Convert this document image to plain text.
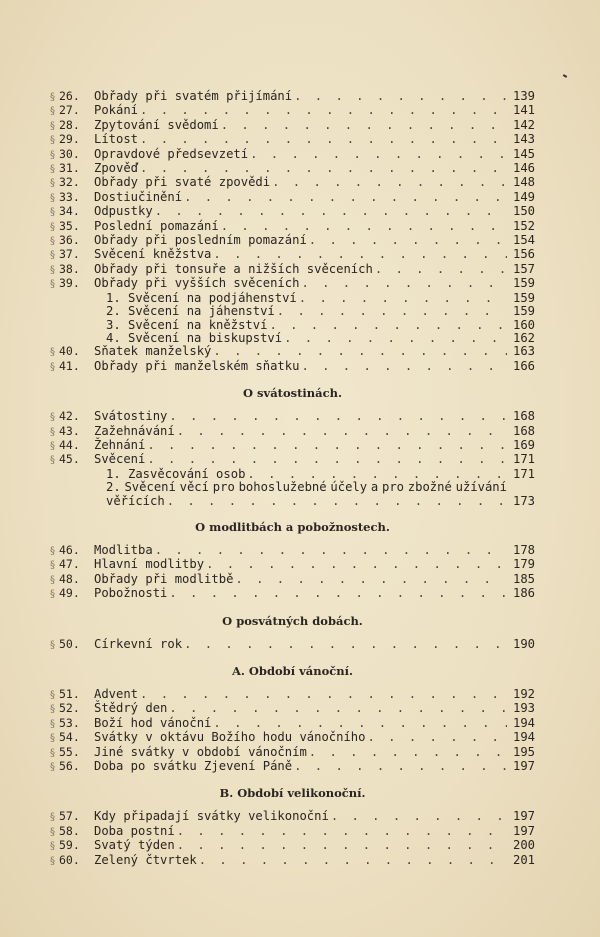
§ 26.	Obřady při svatém přijímání . . .	139
§ 27.	Pokání . . .	141
§ 28.	Zpytování svědomí . . .	142
§ 29.	Lítost . . .	143
§ 30.	Opravdové předsevzetí . . .	145
§ 31.	Zpověď . . .	146
§ 32.	Obřady při svaté zpovědi . . .	148
§ 33.	Dostiučinění . . .	149
§ 34.	Odpustky . . .	150
§ 35.	Poslední pomazání . . .	152
§ 36.	Obřady při posledním pomazání . . .	154
§ 37.	Svěcení kněžstva . . .	156
§ 38.	Obřady při tonsuře a nižších svěceních . . .	157
§ 39.	Obřady při vyšších svěceních . . .	159
1. Svěcení na podjáhenství . . .	159
2. Svěcení na jáhenství . . .	159
3. Svěcení na kněžství . . .	160
4. Svěcení na biskupství . . .	162
§ 40.	Sňatek manželský . . .	163
§ 41.	Obřady při manželském sňatku . . .	166
O svátostinách.
§ 42.	Svátostiny . . .	168
§ 43.	Zažehnávání . . .	168
§ 44.	Žehnání . . .	169
§ 45.	Svěcení . . .	171
1. Zasvěcování osob . . .	171
2. Svěcení věcí pro bohoslužebné účely a pro zbožné užívání
věřících . . .	173
O modlitbách a pobožnostech.
§ 46.	Modlitba . . .	178
§ 47.	Hlavní modlitby . . .	179
§ 48.	Obřady při modlitbě . . .	185
§ 49.	Pobožnosti . . .	186
O posvátných dobách.
§ 50.	Církevní rok . . .	190
A. Období vánoční.
§ 51.	Advent . . .	192
§ 52.	Štědrý den . . .	193
§ 53.	Boží hod vánoční . . .	194
§ 54.	Svátky v oktávu Božího hodu vánočního . . .	194
§ 55.	Jiné svátky v období vánočním . . .	195
§ 56.	Doba po svátku Zjevení Páně . . .	197
B. Období velikonoční.
§ 57.	Kdy připadají svátky velikonoční . . .	197
§ 58.	Doba postní . . .	197
§ 59.	Svatý týden . . .	200
§ 60.	Zelený čtvrtek . . .	201
